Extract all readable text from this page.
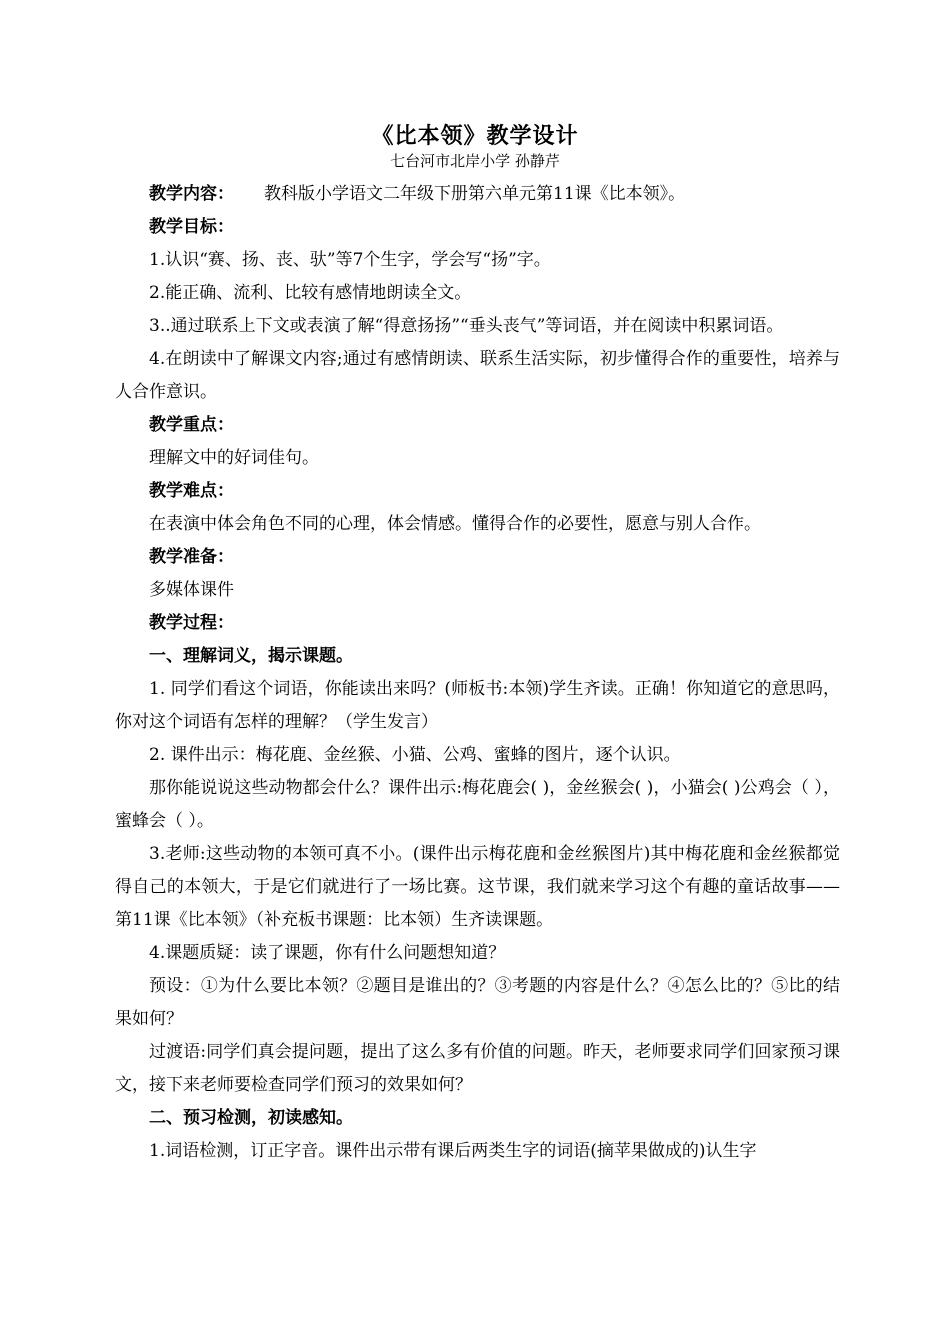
《比本领》教学设计
七台河市北岸小学 孙静芹

教学内容： 教科版小学语文二年级下册第六单元第11课《比本领》。

教学目标：

1.认识“赛、扬、丧、驮”等7个生字，学会写“扬”字。

2.能正确、流利、比较有感情地朗读全文。

3..通过联系上下文或表演了解“得意扬扬”“垂头丧气”等词语，并在阅读中积累词语。

4.在朗读中了解课文内容;通过有感情朗读、联系生活实际，初步懂得合作的重要性，培养与人合作意识。

教学重点：

理解文中的好词佳句。

教学难点：

在表演中体会角色不同的心理，体会情感。懂得合作的必要性，愿意与别人合作。

教学准备：

多媒体课件

教学过程：

一、理解词义，揭示课题。

1. 同学们看这个词语，你能读出来吗？(师板书:本领)学生齐读。正确！你知道它的意思吗，你对这个词语有怎样的理解？（学生发言）

2. 课件出示：梅花鹿、金丝猴、小猫、公鸡、蜜蜂的图片，逐个认识。

那你能说说这些动物都会什么？课件出示:梅花鹿会( )，金丝猴会( )，小猫会( )公鸡会（ ），蜜蜂会（ ）。

3.老师:这些动物的本领可真不小。(课件出示梅花鹿和金丝猴图片)其中梅花鹿和金丝猴都觉得自己的本领大，于是它们就进行了一场比赛。这节课，我们就来学习这个有趣的童话故事——第11课《比本领》（补充板书课题：比本领）生齐读课题。

4.课题质疑：读了课题，你有什么问题想知道？

预设：①为什么要比本领？②题目是谁出的？③考题的内容是什么？④怎么比的？⑤比的结果如何？

过渡语:同学们真会提问题，提出了这么多有价值的问题。昨天，老师要求同学们回家预习课文，接下来老师要检查同学们预习的效果如何？

二、预习检测，初读感知。

1.词语检测，订正字音。课件出示带有课后两类生字的词语(摘苹果做成的)认生字
